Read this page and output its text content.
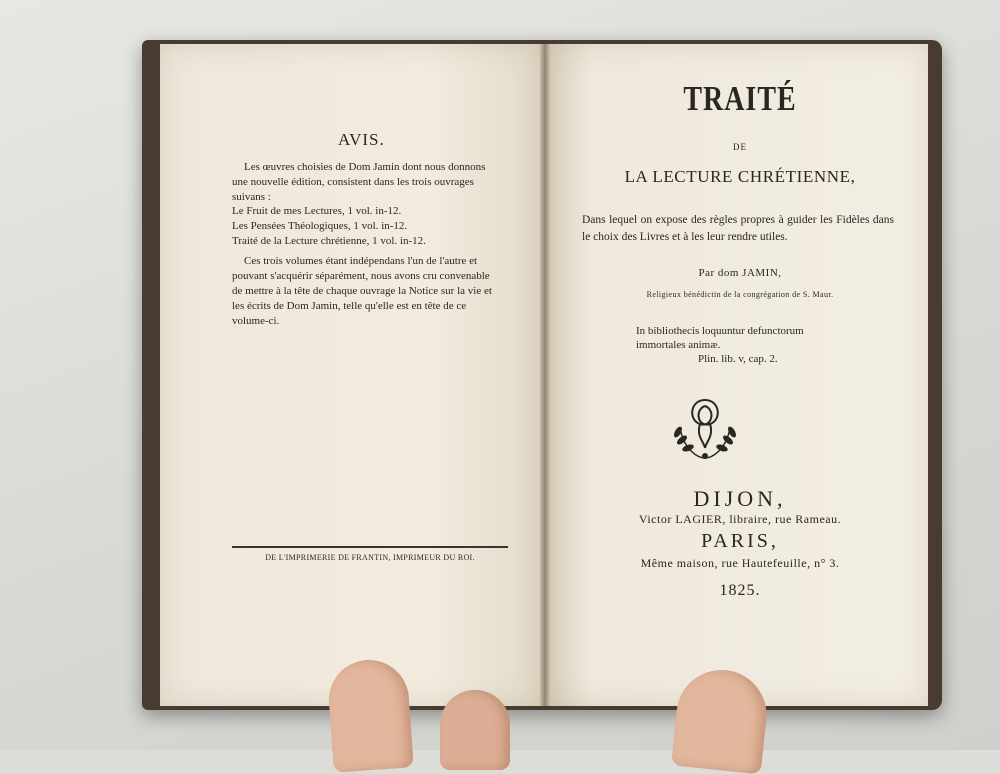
Les œuvres choisies de Dom Jamin dont nous donnons une nouvelle édition, consistent dans les trois ouvrages suivans :
Le Fruit de mes Lectures, 1 vol. in-12.
Les Pensées Théologiques, 1 vol. in-12.
Traité de la Lecture chrétienne, 1 vol. in-12.
Ces trois volumes étant indépendans l'un de l'autre et pouvant s'acquérir séparément, nous avons cru convenable de mettre à la tête de chaque ouvrage la Notice sur la vie et les écrits de Dom Jamin, telle qu'elle est en tête de ce volume-ci.
DE L'IMPRIMERIE DE FRANTIN, IMPRIMEUR DU ROI.
TRAITÉ
DE
LA LECTURE CHRÉTIENNE,
Dans lequel on expose des règles propres à guider les Fidèles dans le choix des Livres et à les leur rendre utiles.
Par dom JAMIN,
Religieux bénédictin de la congrégation de S. Maur.
In bibliothecis loquuntur defunctorum
immortales animæ.
Plin. lib. v, cap. 2.
DIJON,
Victor LAGIER, libraire, rue Rameau.
PARIS,
Même maison, rue Hautefeuille, n° 3.
1825.
